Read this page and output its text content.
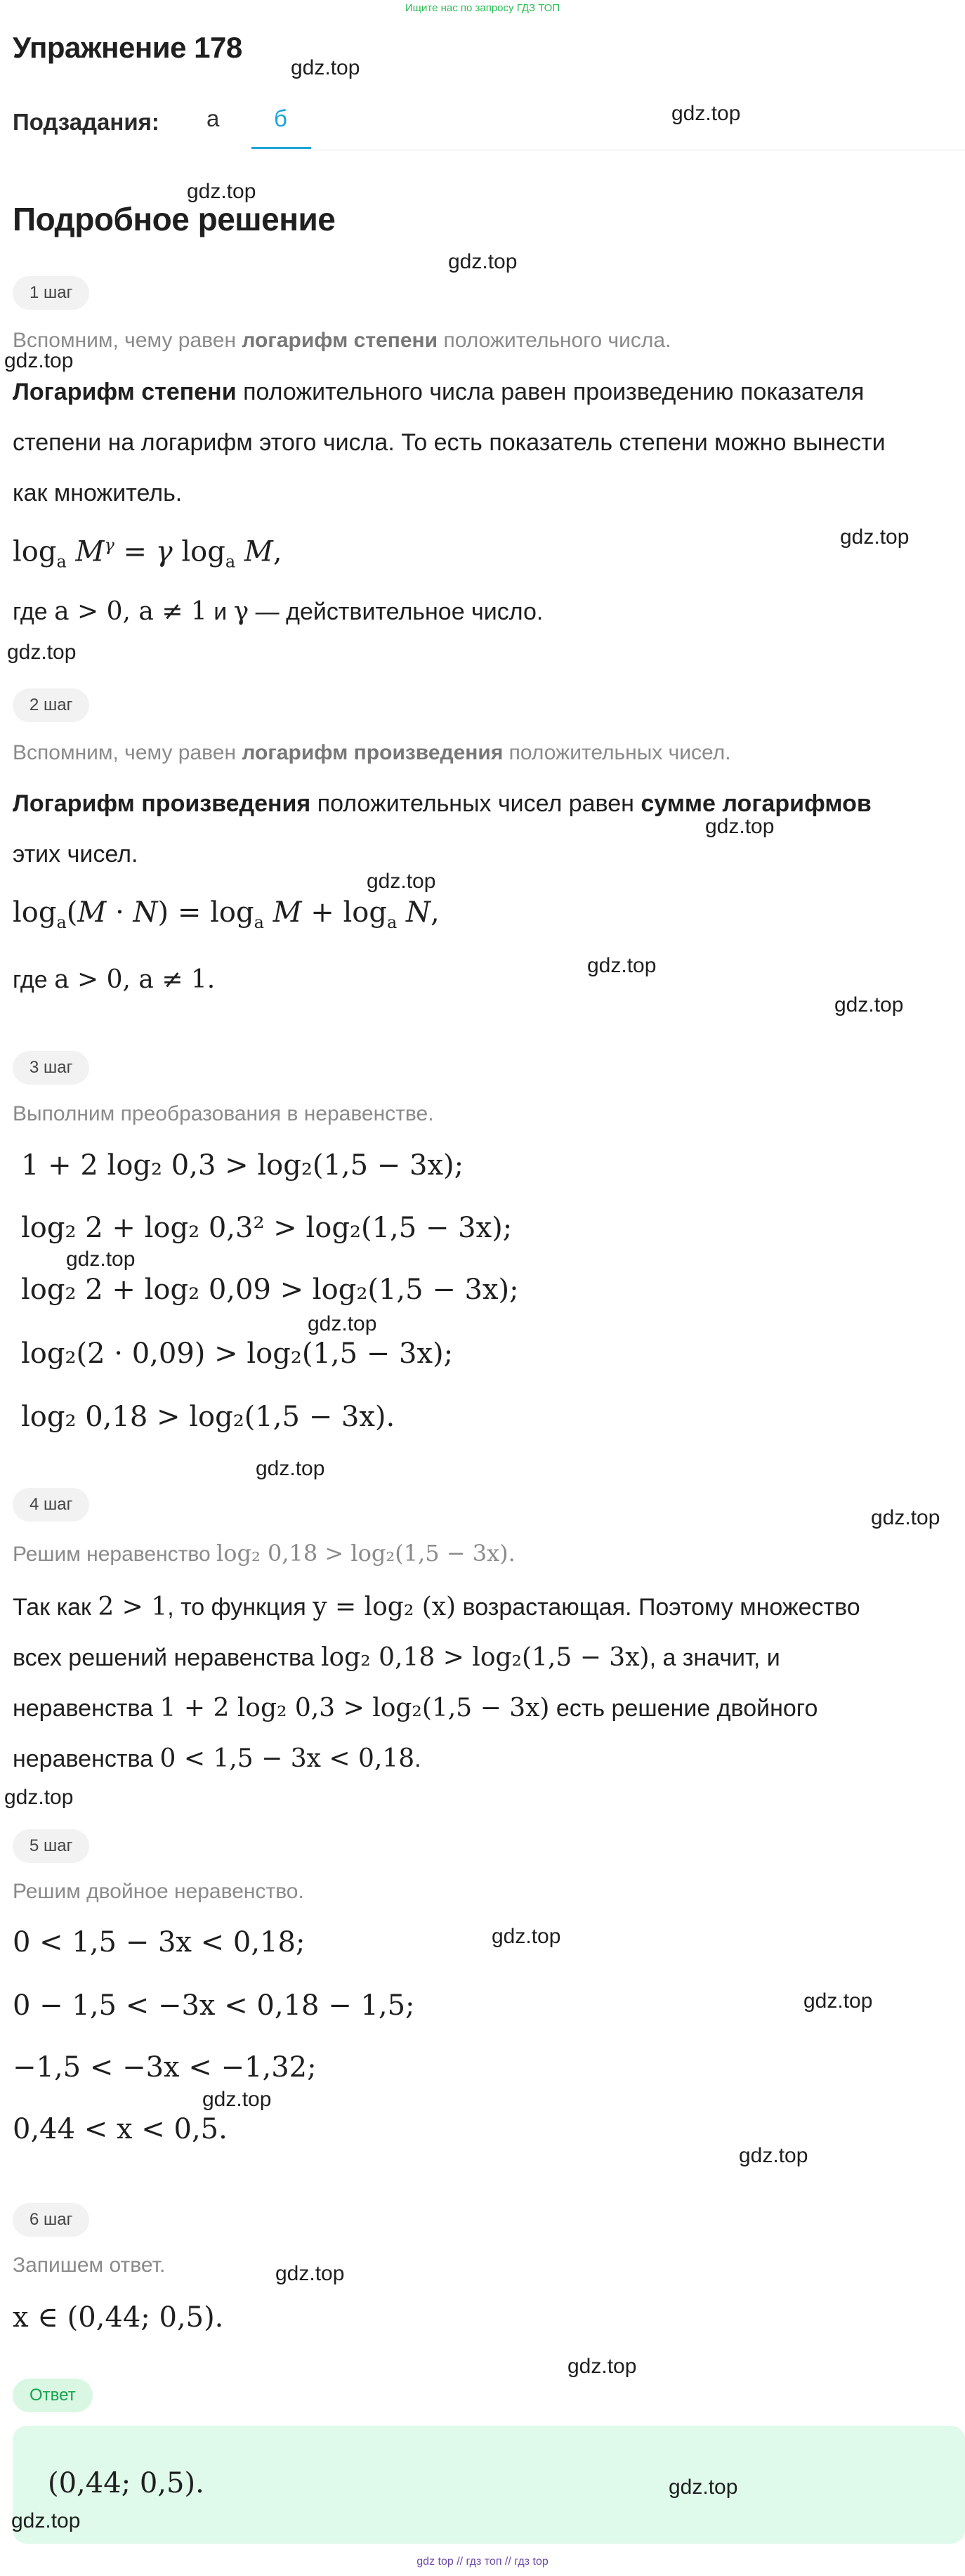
Ищите нас по запросу ГДЗ ТОП
Упражнение 178
gdz.top
Подзадания: а б	gdz.top
gdz.top
Подробное решение
gdz.top
1 шаг
Вспомним, чему равен логарифм степени положительного числа.
gdz.top
Логарифм степени положительного числа равен произведению показателя
степени на логарифм этого числа. То есть показатель степени можно вынести
как множитель.
$\log_a M^\gamma = \gamma$ $\log_a M$,	gdz.top
где a > 0, a ≠ 1 и γ — действительное число.
gdz.top
2 шаг
Вспомним, чему равен логарифм произведения положительных чисел.
Логарифм произведения положительных чисел равен сумме логарифмов
этих чисел.
gdz.top
gdz.top
$\log_a(M \cdot N) = \log_a M + \log_a N$,
gdz.top
где a > 0, a ≠ 1.
gdz.top
3 шаг
Выполним преобразования в неравенстве.
1 + 2 log₂ 0,3 > log₂(1,5 − 3x);
log₂ 2 + log₂ 0,3² > log₂(1,5 − 3x);
gdz.top
log₂ 2 + log₂ 0,09 > log₂(1,5 − 3x);
gdz.top
log₂(2 · 0,09) > log₂(1,5 − 3x);
log₂ 0,18 > log₂(1,5 − 3x).
gdz.top
4 шаг
gdz.top
Решим неравенство log₂ 0,18 > log₂(1,5 − 3x).
Так как 2 > 1, то функция y = log₂ (x) возрастающая. Поэтому множество
всех решений неравенства log₂ 0,18 > log₂(1,5 − 3x), а значит, и
неравенства 1 + 2 log₂ 0,3 > log₂(1,5 − 3x) есть решение двойного
неравенства 0 < 1,5 − 3x < 0,18.
gdz.top
5 шаг
Решим двойное неравенство.
0 < 1,5 − 3x < 0,18;	gdz.top
gdz.top
0 − 1,5 < −3x < 0,18 − 1,5;
−1,5 < −3x < −1,32;
gdz.top
0,44 < x < 0,5.
gdz.top
6 шаг
Запишем ответ.	gdz.top
x ∈ (0,44; 0,5).
gdz.top
Ответ
(0,44; 0,5).	gdz.top
gdz.top
gdz top // гдз топ // гдз top
